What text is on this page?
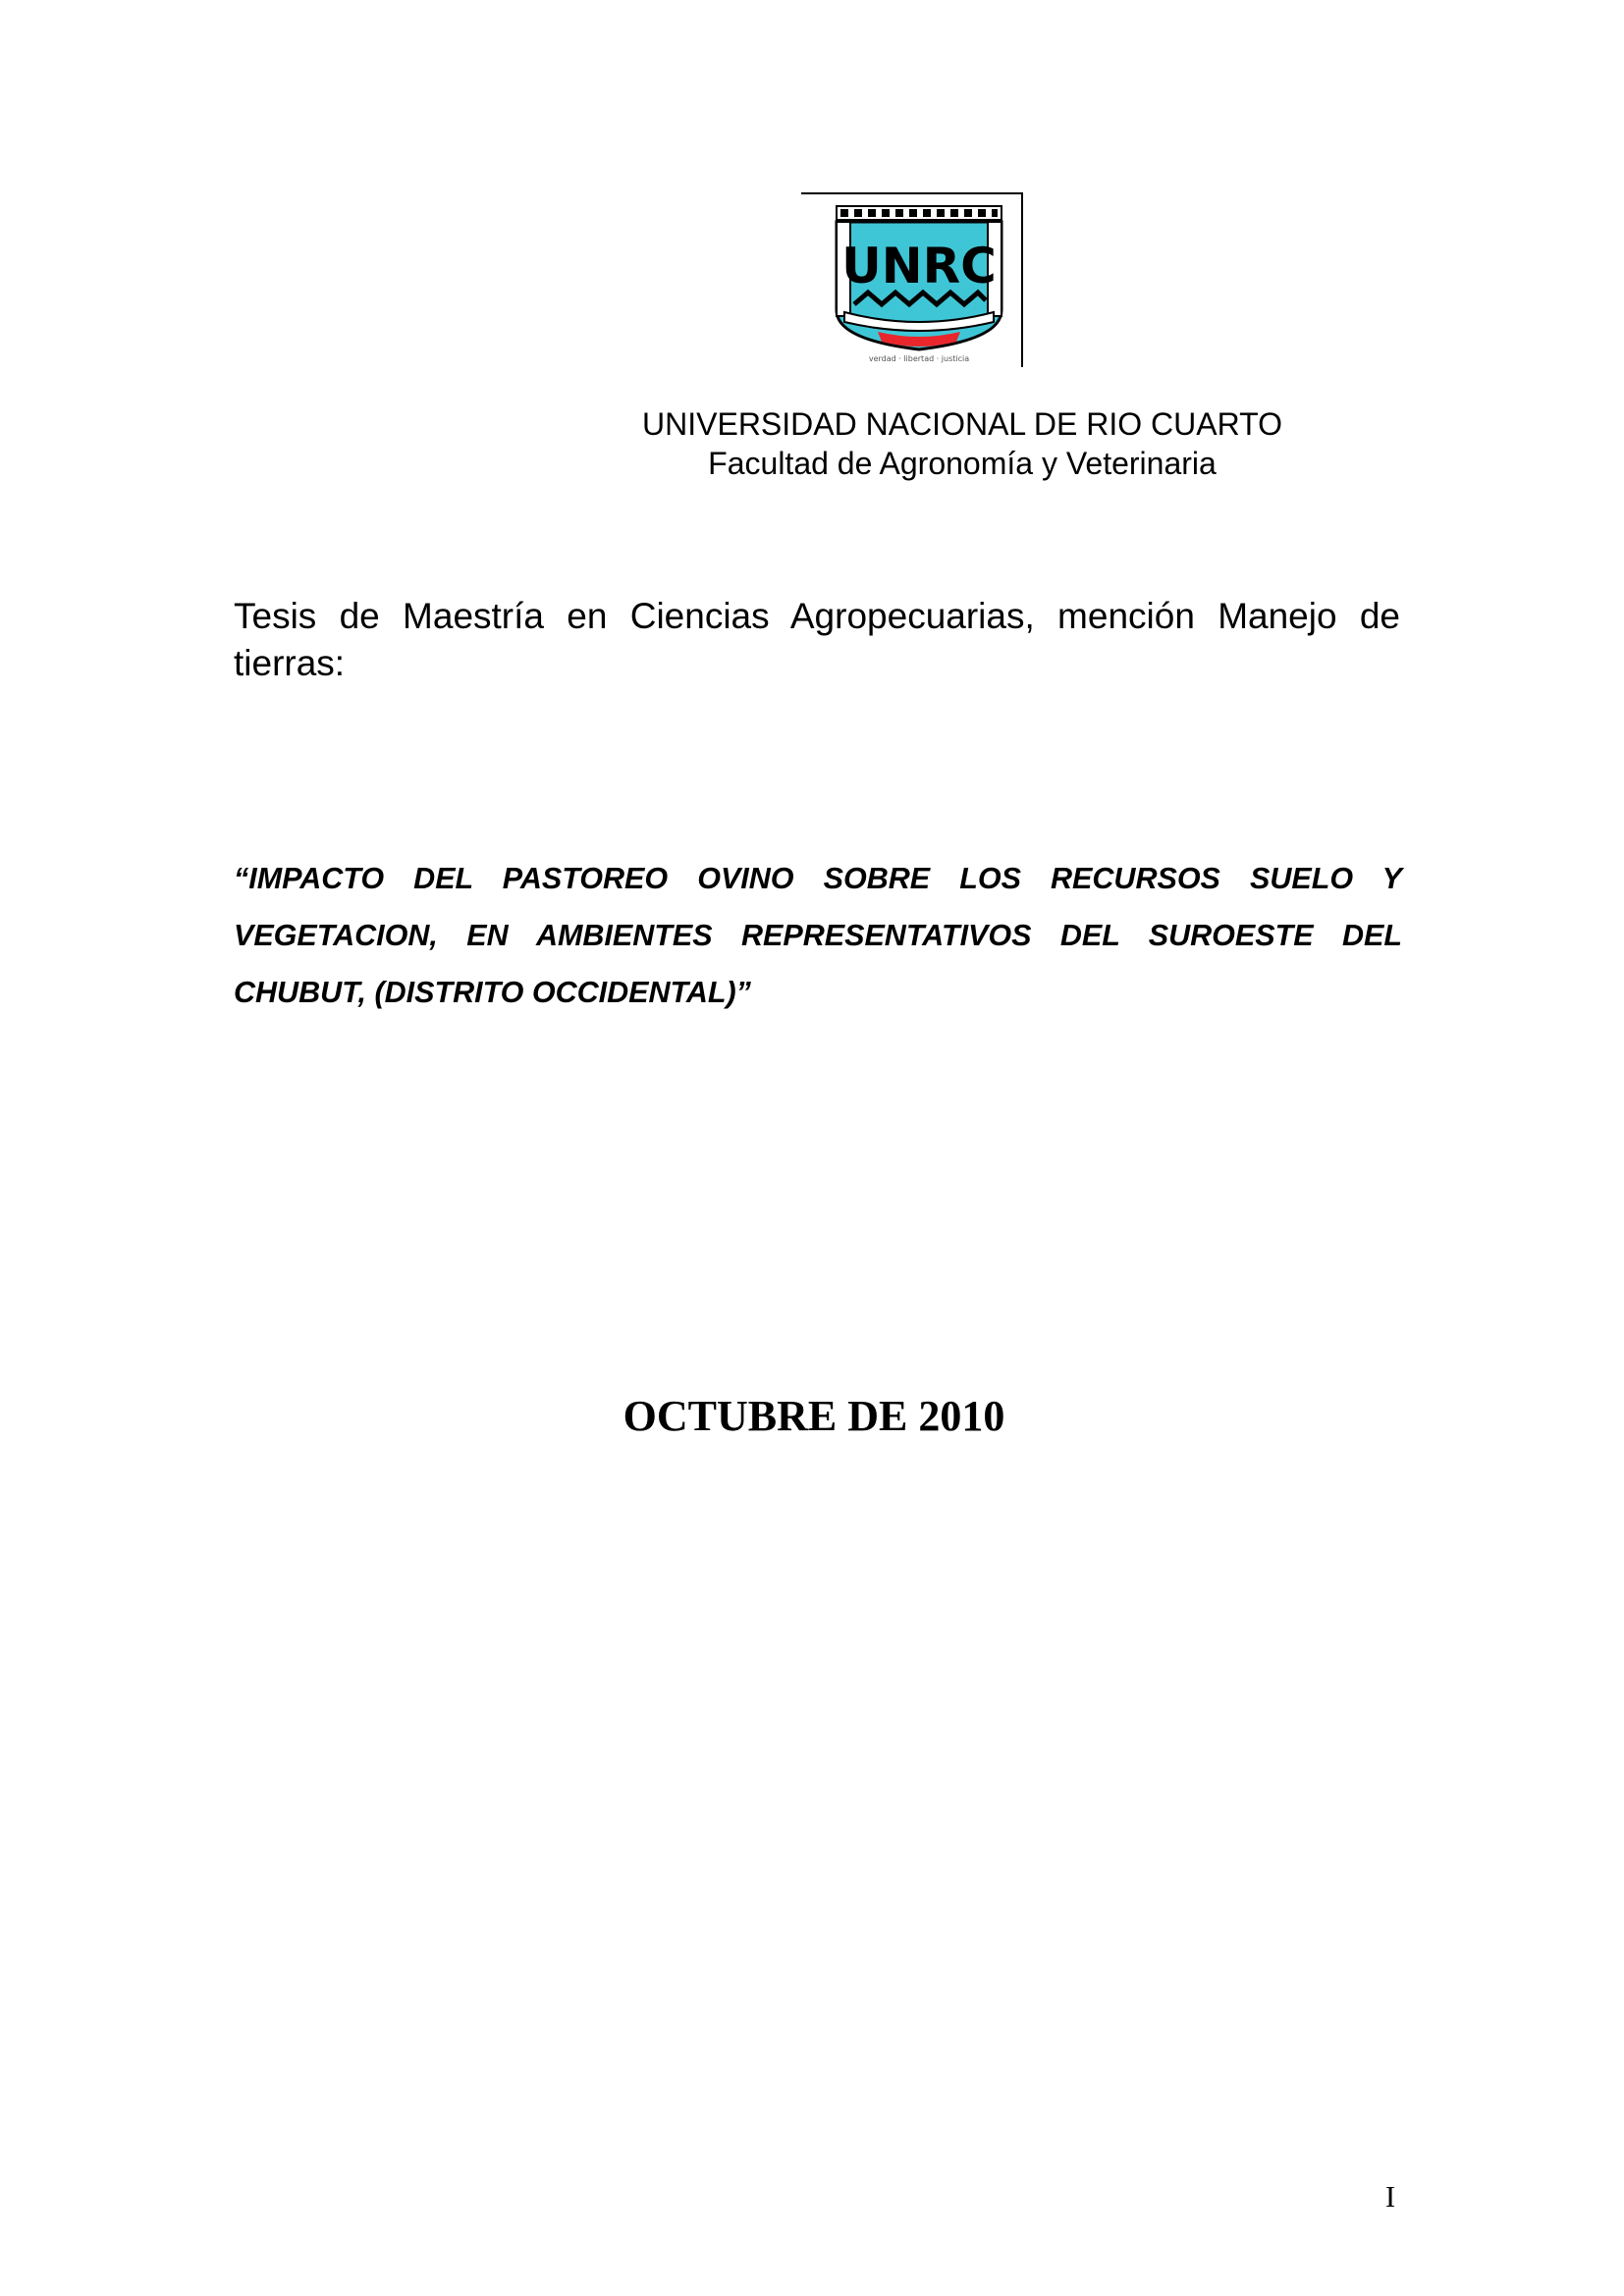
UNRC
verdad · libertad · justicia
UNIVERSIDAD NACIONAL DE RIO CUARTO
Facultad de Agronomía y Veterinaria
Tesis de Maestría en Ciencias Agropecuarias, mención Manejo de tierras:
“IMPACTO DEL PASTOREO OVINO SOBRE LOS RECURSOS SUELO Y VEGETACION, EN AMBIENTES REPRESENTATIVOS DEL SUROESTE DEL CHUBUT, (DISTRITO OCCIDENTAL)”
OCTUBRE DE 2010
I
